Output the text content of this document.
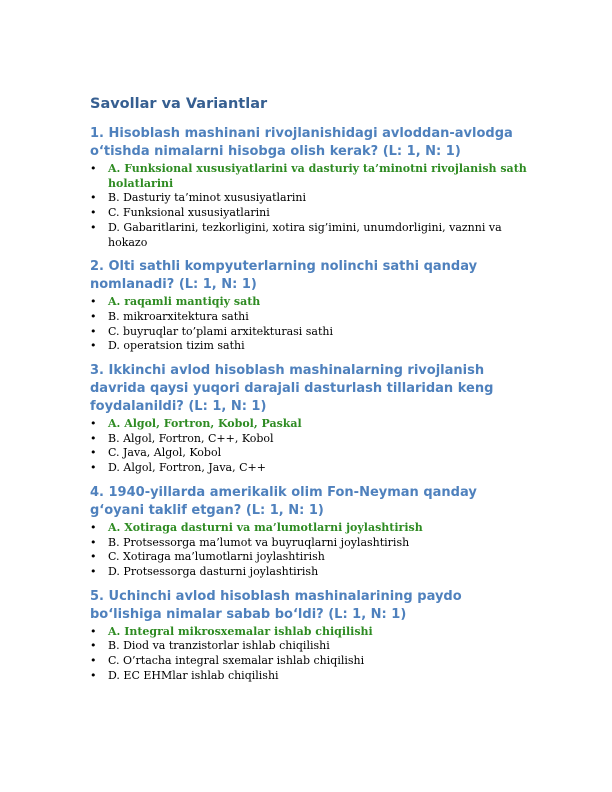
Savollar va Variantlar
1. Hisoblash mashinani rivojlanishidagi avloddan-avlodga o‘tishda nimalarni hisobga olish kerak? (L: 1, N: 1)
• A. Funksional xususiyatlarini va dasturiy ta’minotni rivojlanish sath holatlarini
• B. Dasturiy ta’minot xususiyatlarini
• C. Funksional xususiyatlarini
• D. Gabaritlarini, tezkorligini, xotira sig’imini, unumdorligini, vaznni va hokazo
2. Olti sathli kompyuterlarning nolinchi sathi qanday nomlanadi? (L: 1, N: 1)
• A. raqamli mantiqiy sath
• B. mikroarxitektura sathi
• C. buyruqlar to’plami arxitekturasi sathi
• D. operatsion tizim sathi
3. Ikkinchi avlod hisoblash mashinalarning rivojlanish davrida qaysi yuqori darajali dasturlash tillaridan keng foydalanildi? (L: 1, N: 1)
• A. Algol, Fortron, Kobol, Paskal
• B. Algol, Fortron, C++, Kobol
• C. Java, Algol, Kobol
• D. Algol, Fortron, Java, C++
4. 1940-yillarda amerikalik olim Fon-Neyman qanday g‘oyani taklif etgan? (L: 1, N: 1)
• A. Xotiraga dasturni va ma’lumotlarni joylashtirish
• B. Protsessorga ma’lumot va buyruqlarni joylashtirish
• C. Xotiraga ma’lumotlarni joylashtirish
• D. Protsessorga dasturni joylashtirish
5. Uchinchi avlod hisoblash mashinalarining paydo bo‘lishiga nimalar sabab bo‘ldi? (L: 1, N: 1)
• A. Integral mikrosxemalar ishlab chiqilishi
• B. Diod va tranzistorlar ishlab chiqilishi
• C. O’rtacha integral sxemalar ishlab chiqilishi
• D. EC EHMlar ishlab chiqilishi
